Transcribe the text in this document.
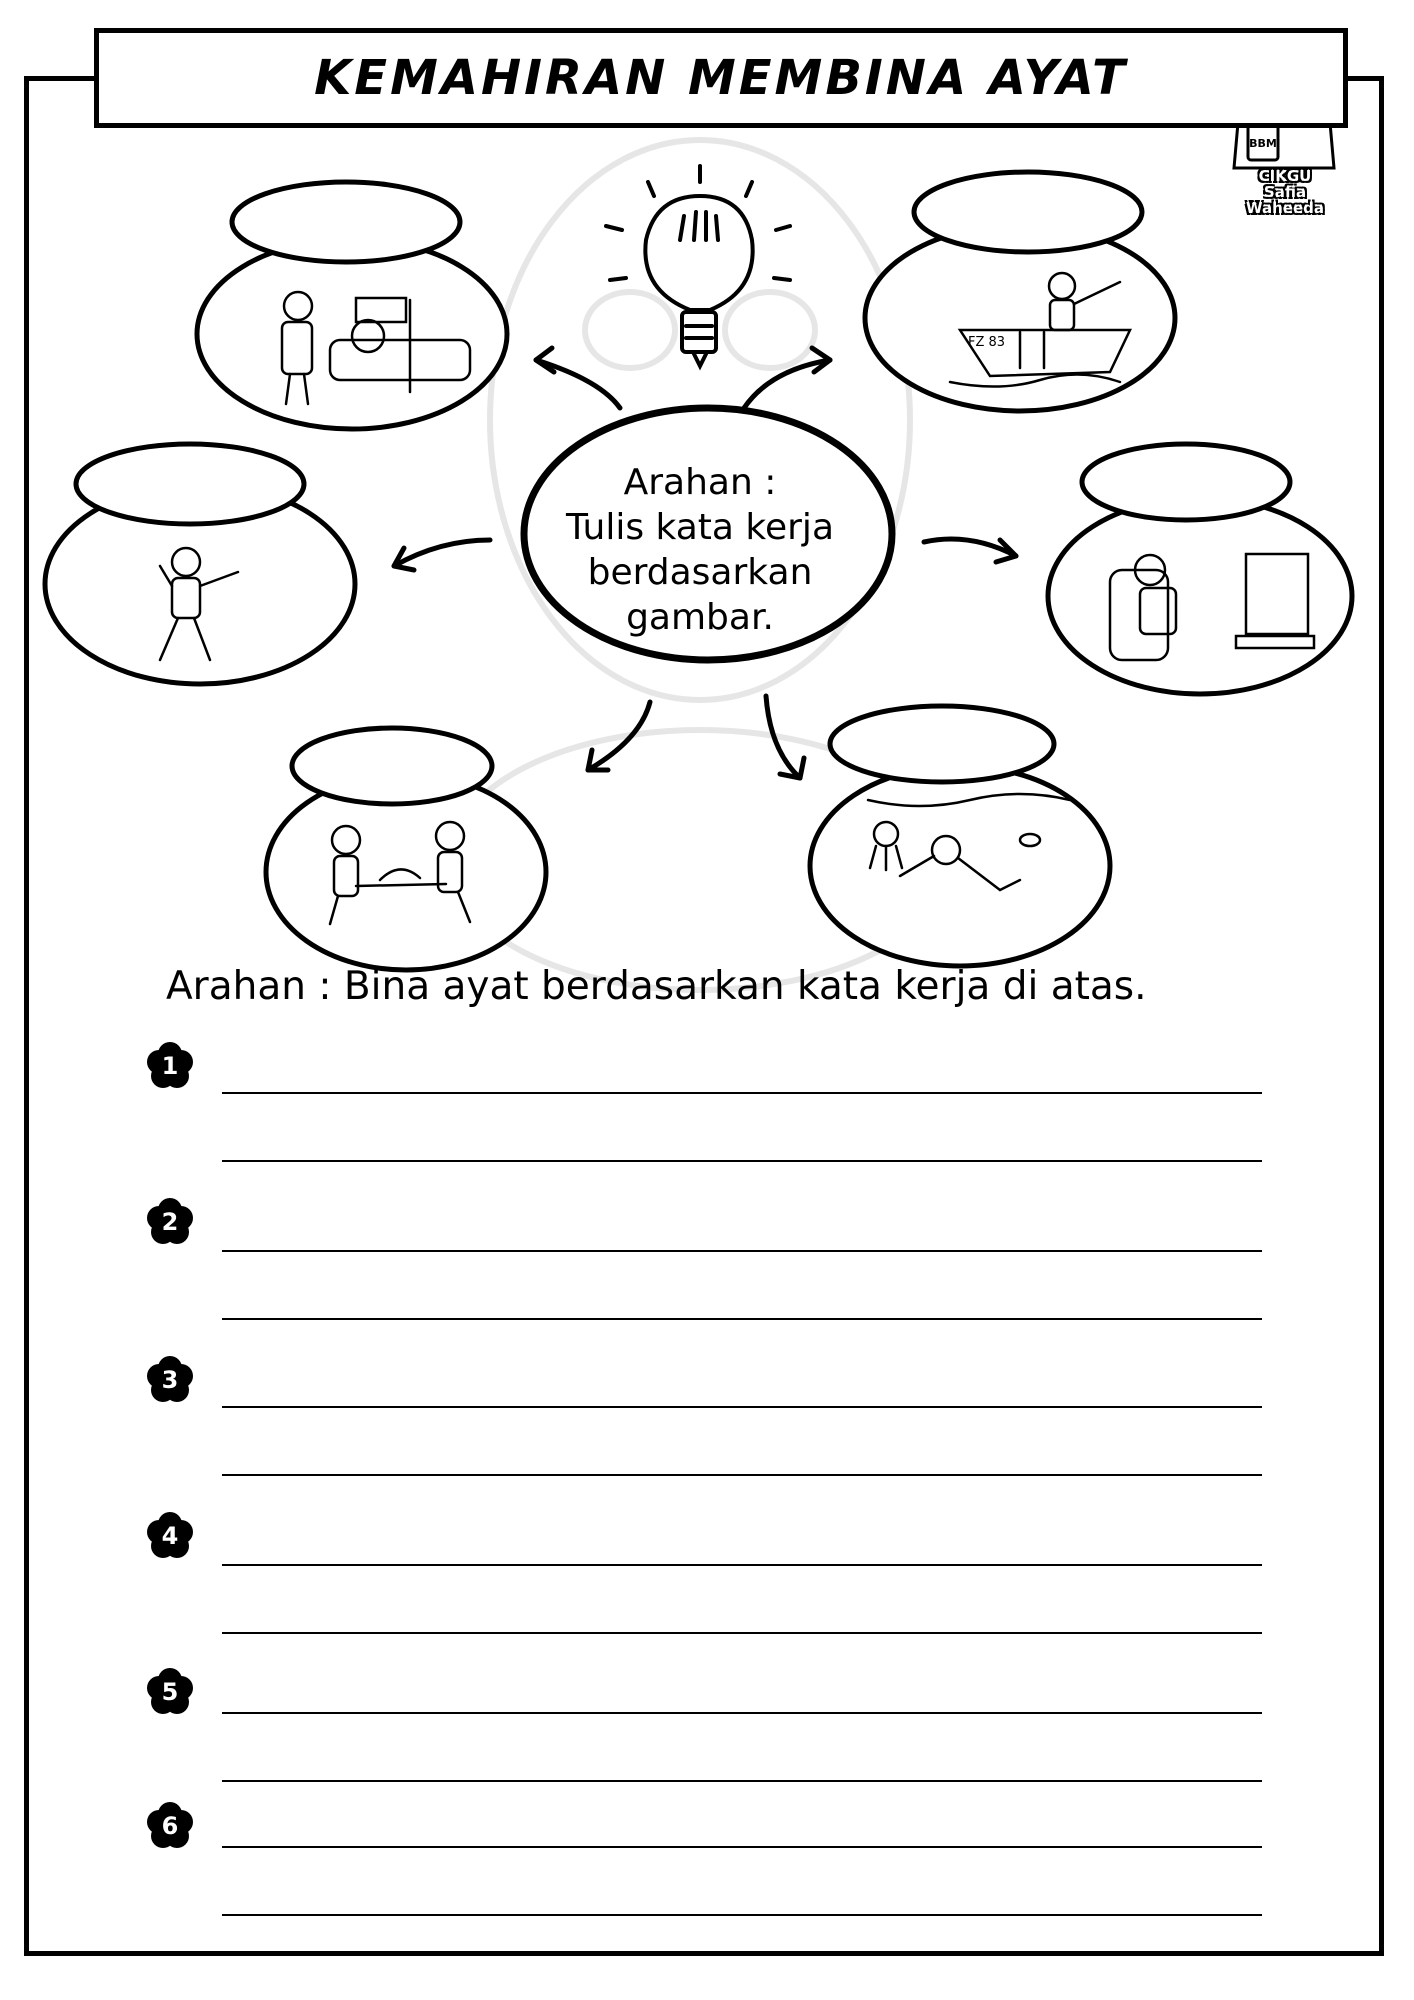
FZ 83
BBM
KEMAHIRAN MEMBINA AYAT
CIKGU
Safia
Waheeda
Arahan :
Tulis kata kerja
berdasarkan
gambar.
Arahan : Bina ayat berdasarkan kata kerja di atas.
1
2
3
4
5
6
